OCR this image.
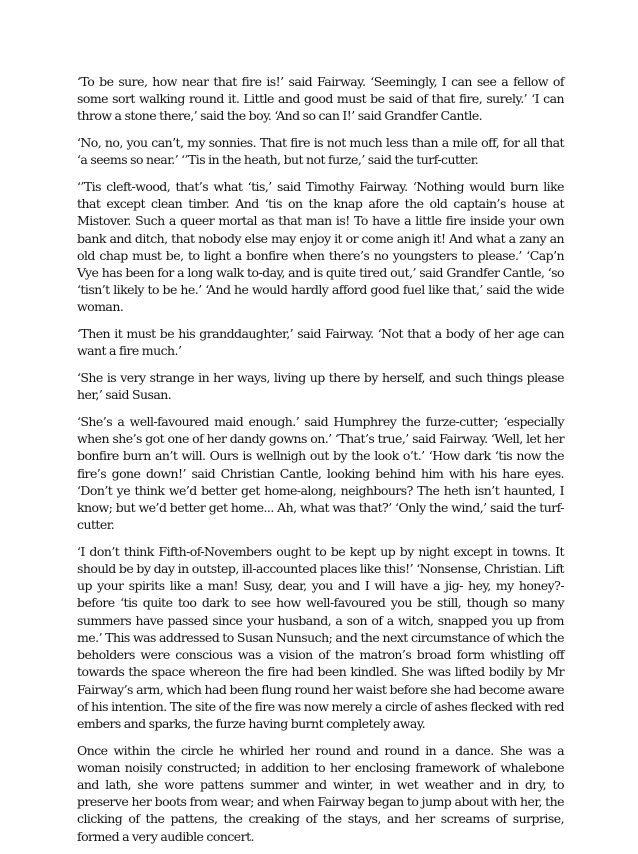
‘To be sure, how near that fire is!’ said Fairway. ‘Seemingly, I can see a fellow of some sort walking round it. Little and good must be said of that fire, surely.’ ‘I can throw a stone there,’ said the boy. ‘And so can I!’ said Grandfer Cantle.

‘No, no, you can’t, my sonnies. That fire is not much less than a mile off, for all that ‘a seems so near.’ ‘’Tis in the heath, but not furze,’ said the turf-cutter.

‘’Tis cleft-wood, that’s what ‘tis,’ said Timothy Fairway. ‘Nothing would burn like that except clean timber. And ‘tis on the knap afore the old captain’s house at Mistover. Such a queer mortal as that man is! To have a little fire inside your own bank and ditch, that nobody else may enjoy it or come anigh it! And what a zany an old chap must be, to light a bonfire when there’s no youngsters to please.’ ‘Cap’n Vye has been for a long walk to-day, and is quite tired out,’ said Grandfer Cantle, ‘so ‘tisn’t likely to be he.’ ‘And he would hardly afford good fuel like that,’ said the wide woman.

‘Then it must be his granddaughter,’ said Fairway. ‘Not that a body of her age can want a fire much.’

‘She is very strange in her ways, living up there by herself, and such things please her,’ said Susan.

‘She’s a well-favoured maid enough.’ said Humphrey the furze-cutter; ‘especially when she’s got one of her dandy gowns on.’ ‘That’s true,’ said Fairway. ‘Well, let her bonfire burn an’t will. Ours is wellnigh out by the look o’t.’ ‘How dark ‘tis now the fire’s gone down!’ said Christian Cantle, looking behind him with his hare eyes. ‘Don’t ye think we’d better get home-along, neighbours? The heth isn’t haunted, I know; but we’d better get home... Ah, what was that?’ ‘Only the wind,’ said the turf-cutter.

‘I don’t think Fifth-of-Novembers ought to be kept up by night except in towns. It should be by day in outstep, ill-accounted places like this!’ ‘Nonsense, Christian. Lift up your spirits like a man! Susy, dear, you and I will have a jig- hey, my honey?- before ‘tis quite too dark to see how well-favoured you be still, though so many summers have passed since your husband, a son of a witch, snapped you up from me.’ This was addressed to Susan Nunsuch; and the next circumstance of which the beholders were conscious was a vision of the matron’s broad form whistling off towards the space whereon the fire had been kindled. She was lifted bodily by Mr Fairway’s arm, which had been flung round her waist before she had become aware of his intention. The site of the fire was now merely a circle of ashes flecked with red embers and sparks, the furze having burnt completely away.

Once within the circle he whirled her round and round in a dance. She was a woman noisily constructed; in addition to her enclosing framework of whalebone and lath, she wore pattens summer and winter, in wet weather and in dry, to preserve her boots from wear; and when Fairway began to jump about with her, the clicking of the pattens, the creaking of the stays, and her screams of surprise, formed a very audible concert.
